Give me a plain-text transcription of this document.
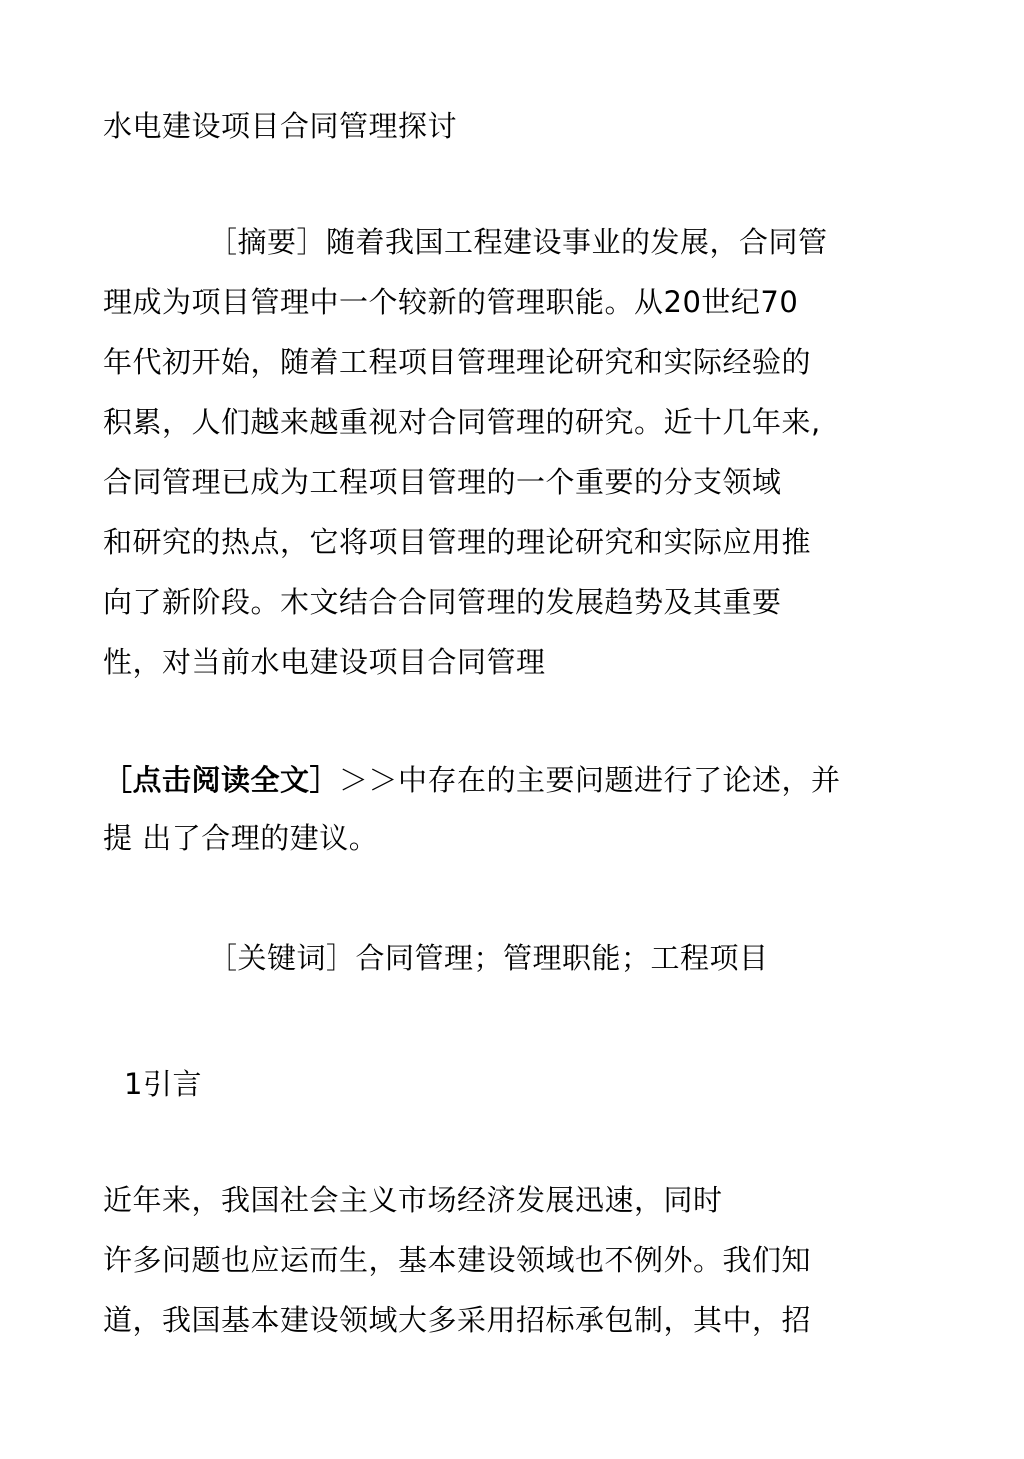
水电建设项目合同管理探讨
［摘要］随着我国工程建设事业的发展，合同管
理成为项目管理中一个较新的管理职能。从20世纪70
年代初开始，随着工程项目管理理论研究和实际经验的
积累，人们越来越重视对合同管理的研究。近十几年来,
合同管理已成为工程项目管理的一个重要的分支领域
和研究的热点，它将项目管理的理论研究和实际应用推
向了新阶段。木文结合合同管理的发展趋势及其重要
性，对当前水电建设项目合同管理
［点击阅读全文］＞＞中存在的主要问题进行了论述，并
提 出了合理的建议。
［关键词］合同管理；管理职能；工程项目
1引言
近年来，我国社会主义市场经济发展迅速，同时
许多问题也应运而生，基本建设领域也不例外。我们知
道，我国基本建设领域大多采用招标承包制，其中，招
